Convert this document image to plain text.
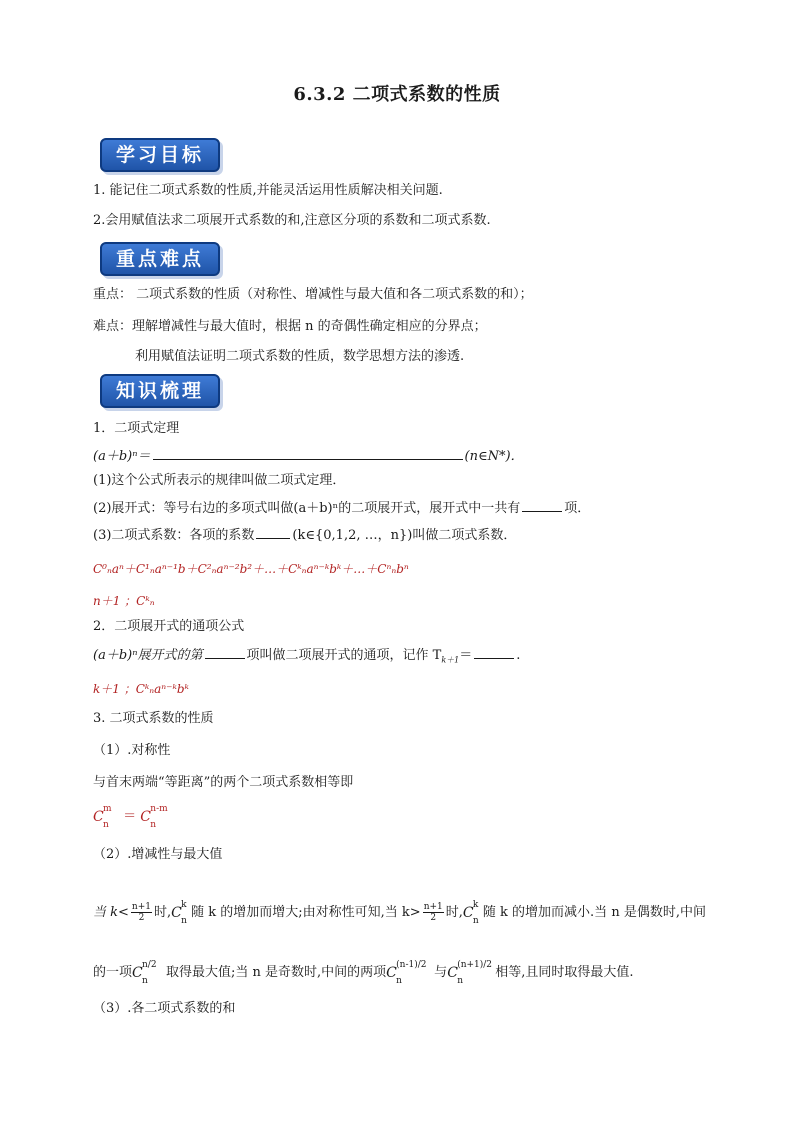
6.3.2 二项式系数的性质
学习目标
1. 能记住二项式系数的性质,并能灵活运用性质解决相关问题.
2.会用赋值法求二项展开式系数的和,注意区分项的系数和二项式系数.
重点难点
重点： 二项式系数的性质（对称性、增减性与最大值和各二项式系数的和）；
难点：理解增减性与最大值时，根据 n 的奇偶性确定相应的分界点；
利用赋值法证明二项式系数的性质，数学思想方法的渗透.
知识梳理
1．二项式定理
(a＋b)ⁿ＝	(n∈N*)．
(1)这个公式所表示的规律叫做二项式定理．
(2)展开式：等号右边的多项式叫做(a＋b)ⁿ的二项展开式，展开式中一共有	项．
(3)二项式系数：各项的系数	(k∈{0,1,2, …，n})叫做二项式系数．
C⁰ₙaⁿ＋C¹ₙaⁿ⁻¹b＋C²ₙaⁿ⁻²b²＋…＋Cᵏₙaⁿ⁻ᵏbᵏ＋…＋Cⁿₙbⁿ
n＋1 ；Cᵏₙ
2．二项展开式的通项公式
(a＋b)ⁿ展开式的第	项叫做二项展开式的通项，记作 $T_{k+1}=$	.
k＋1 ；Cᵏₙaⁿ⁻ᵏbᵏ
3. 二项式系数的性质
（1）.对称性
与首末两端“等距离”的两个二项式系数相等即
C m
n
＝ C n-m
n
（2）.增减性与最大值
当 $k< \frac{n+1}{2}$ 时,C k
n
随 k 的增加而增大;由对称性可知,当 $k> \frac{n+1}{2}$ 时,C k
n
随 k 的增加而减小.当 n 是偶数时,中间
的一项C n/2
n
取得最大值;当 n 是奇数时,中间的两项C (n-1)/2
n
与C (n+1)/2
n
相等,且同时取得最大值.
（3）.各二项式系数的和
